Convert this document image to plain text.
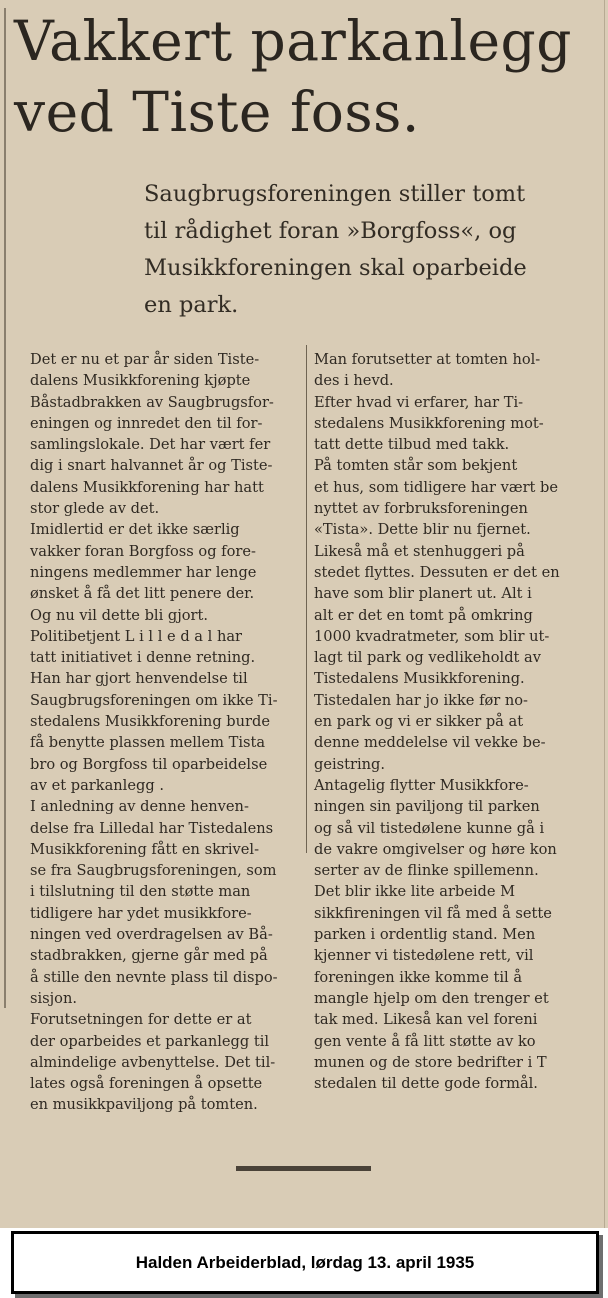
Vakkert parkanlegg
ved Tiste foss.
Saugbrugsforeningen stiller tomt
til rådighet foran »Borgfoss«, og
Musikkforeningen skal oparbeide
en park.
Det er nu et par år siden Tiste-
dalens Musikkforening kjøpte
Båstadbrakken av Saugbrugsfor-
eningen og innredet den til for-
samlingslokale. Det har vært fer
dig i snart halvannet år og Tiste-
dalens Musikkforening har hatt
stor glede av det.
Imidlertid er det ikke særlig
vakker foran Borgfoss og fore-
ningens medlemmer har lenge
ønsket å få det litt penere der.
Og nu vil dette bli gjort.
Politibetjent L i l l e d a l har
tatt initiativet i denne retning.
Han har gjort henvendelse til
Saugbrugsforeningen om ikke Ti-
stedalens Musikkforening burde
få benytte plassen mellem Tista
bro og Borgfoss til oparbeidelse
av et parkanlegg .
I anledning av denne henven-
delse fra Lilledal har Tistedalens
Musikkforening fått en skrivel-
se fra Saugbrugsforeningen, som
i tilslutning til den støtte man
tidligere har ydet musikkfore-
ningen ved overdragelsen av Bå-
stadbrakken, gjerne går med på
å stille den nevnte plass til dispo-
sisjon.
Forutsetningen for dette er at
der oparbeides et parkanlegg til
almindelige avbenyttelse. Det til-
lates også foreningen å opsette
en musikkpaviljong på tomten.
Man forutsetter at tomten hol-
des i hevd.
Efter hvad vi erfarer, har Ti-
stedalens Musikkforening mot-
tatt dette tilbud med takk.
På tomten står som bekjent
et hus, som tidligere har vært be
nyttet av forbruksforeningen
«Tista». Dette blir nu fjernet.
Likeså må et stenhuggeri på
stedet flyttes. Dessuten er det en
have som blir planert ut. Alt i
alt er det en tomt på omkring
1000 kvadratmeter, som blir ut-
lagt til park og vedlikeholdt av
Tistedalens Musikkforening.
Tistedalen har jo ikke før no-
en park og vi er sikker på at
denne meddelelse vil vekke be-
geistring.
Antagelig flytter Musikkfore-
ningen sin paviljong til parken
og så vil tistedølene kunne gå i
de vakre omgivelser og høre kon
serter av de flinke spillemenn.
Det blir ikke lite arbeide M
sikkfireningen vil få med å sette
parken i ordentlig stand. Men
kjenner vi tistedølene rett, vil
foreningen ikke komme til å
mangle hjelp om den trenger et
tak med. Likeså kan vel foreni
gen vente å få litt støtte av ko
munen og de store bedrifter i T
stedalen til dette gode formål.
Halden Arbeiderblad, lørdag 13. april 1935
